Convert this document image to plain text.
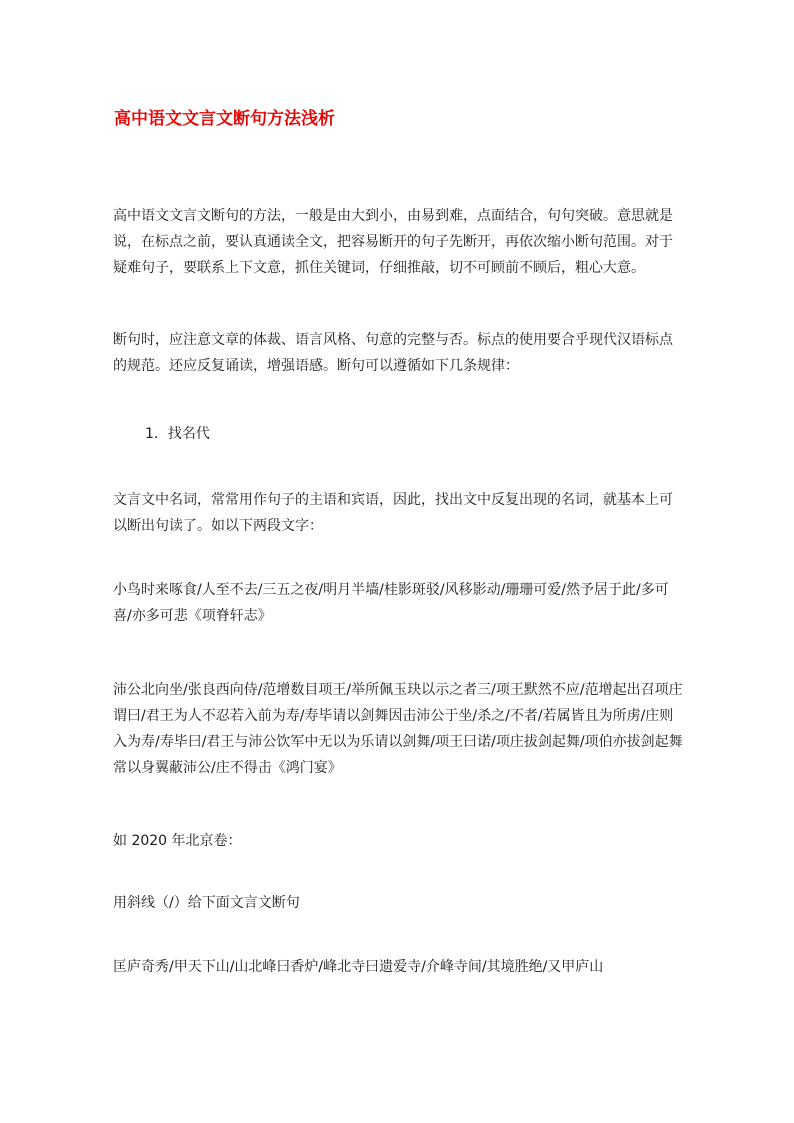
高中语文文言文断句方法浅析

高中语文文言文断句的方法，一般是由大到小，由易到难，点面结合，句句突破。意思就是说，在标点之前，要认真通读全文，把容易断开的句子先断开，再依次缩小断句范围。对于疑难句子，要联系上下文意，抓住关键词，仔细推敲，切不可顾前不顾后，粗心大意。

断句时，应注意文章的体裁、语言风格、句意的完整与否。标点的使用要合乎现代汉语标点的规范。还应反复诵读，增强语感。断句可以遵循如下几条规律：

1．找名代

文言文中名词，常常用作句子的主语和宾语，因此，找出文中反复出现的名词，就基本上可以断出句读了。如以下两段文字：

小鸟时来啄食/人至不去/三五之夜/明月半墙/桂影斑驳/风移影动/珊珊可爱/然予居于此/多可喜/亦多可悲《项脊轩志》

沛公北向坐/张良西向侍/范增数目项王/举所佩玉玦以示之者三/项王默然不应/范增起出召项庄谓曰/君王为人不忍若入前为寿/寿毕请以剑舞因击沛公于坐/杀之/不者/若属皆且为所虏/庄则入为寿/寿毕曰/君王与沛公饮军中无以为乐请以剑舞/项王曰诺/项庄拔剑起舞/项伯亦拔剑起舞常以身翼蔽沛公/庄不得击《鸿门宴》

如 2020 年北京卷：

用斜线（/）给下面文言文断句

匡庐奇秀/甲天下山/山北峰曰香炉/峰北寺曰遗爱寺/介峰寺间/其境胜绝/又甲庐山
